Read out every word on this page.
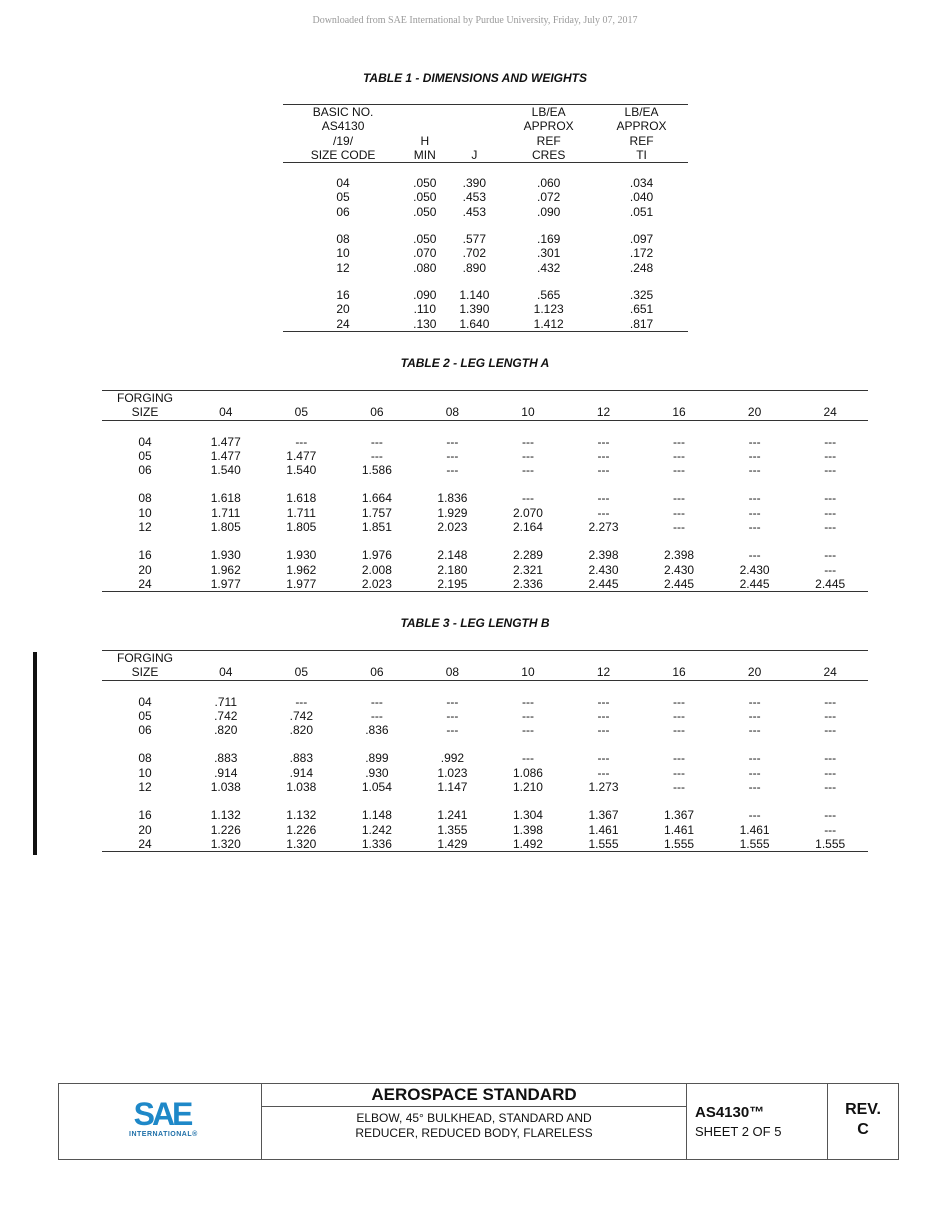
Downloaded from SAE International by Purdue University, Friday, July 07, 2017
TABLE 1 - DIMENSIONS AND WEIGHTS
BASIC NO.			LB/EA	LB/EA
AS4130			APPROX	APPROX
/19/	H		REF	REF
SIZE CODE	MIN	J	CRES	TI

04	.050	.390	.060	.034
05	.050	.453	.072	.040
06	.050	.453	.090	.051

08	.050	.577	.169	.097
10	.070	.702	.301	.172
12	.080	.890	.432	.248

16	.090	1.140	.565	.325
20	.110	1.390	1.123	.651
24	.130	1.640	1.412	.817
TABLE 2 - LEG LENGTH A
FORGING									
SIZE	04	05	06	08	10	12	16	20	24

04	1.477	---	---	---	---	---	---	---	---
05	1.477	1.477	---	---	---	---	---	---	---
06	1.540	1.540	1.586	---	---	---	---	---	---

08	1.618	1.618	1.664	1.836	---	---	---	---	---
10	1.711	1.711	1.757	1.929	2.070	---	---	---	---
12	1.805	1.805	1.851	2.023	2.164	2.273	---	---	---

16	1.930	1.930	1.976	2.148	2.289	2.398	2.398	---	---
20	1.962	1.962	2.008	2.180	2.321	2.430	2.430	2.430	---
24	1.977	1.977	2.023	2.195	2.336	2.445	2.445	2.445	2.445
TABLE 3 - LEG LENGTH B
FORGING									
SIZE	04	05	06	08	10	12	16	20	24

04	.711	---	---	---	---	---	---	---	---
05	.742	.742	---	---	---	---	---	---	---
06	.820	.820	.836	---	---	---	---	---	---

08	.883	.883	.899	.992	---	---	---	---	---
10	.914	.914	.930	1.023	1.086	---	---	---	---
12	1.038	1.038	1.054	1.147	1.210	1.273	---	---	---

16	1.132	1.132	1.148	1.241	1.304	1.367	1.367	---	---
20	1.226	1.226	1.242	1.355	1.398	1.461	1.461	1.461	---
24	1.320	1.320	1.336	1.429	1.492	1.555	1.555	1.555	1.555
SAE
INTERNATIONAL®
AEROSPACE STANDARD
ELBOW, 45° BULKHEAD, STANDARD AND
REDUCER, REDUCED BODY, FLARELESS
AS4130™
SHEET 2 OF 5
REV.
C
